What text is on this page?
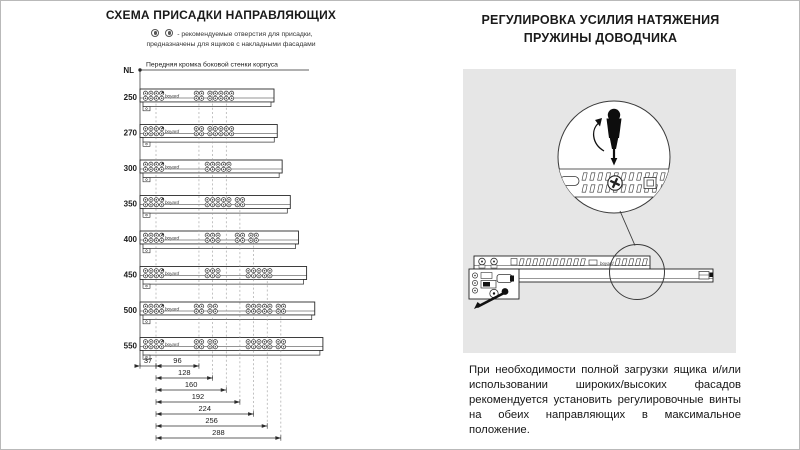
СХЕМА ПРИСАДКИ НАПРАВЛЯЮЩИХ
- рекомендуемые отверстия для присадки,
предназначены для ящиков с накладными фасадами
NL
Передняя кромка боковой стенки корпуса
250	boyard
270	boyard
300	boyard
350	boyard
400	boyard
450	boyard
500	boyard
550	boyard
37	96
128
160
192
224
256
288
РЕГУЛИРОВКА УСИЛИЯ НАТЯЖЕНИЯ
ПРУЖИНЫ ДОВОДЧИКА
boyard
При необходимости полной загрузки ящика и/или использовании широких/высоких фасадов рекомендуется установить регулировочные винты на обеих направляющих в максимальное положение.
